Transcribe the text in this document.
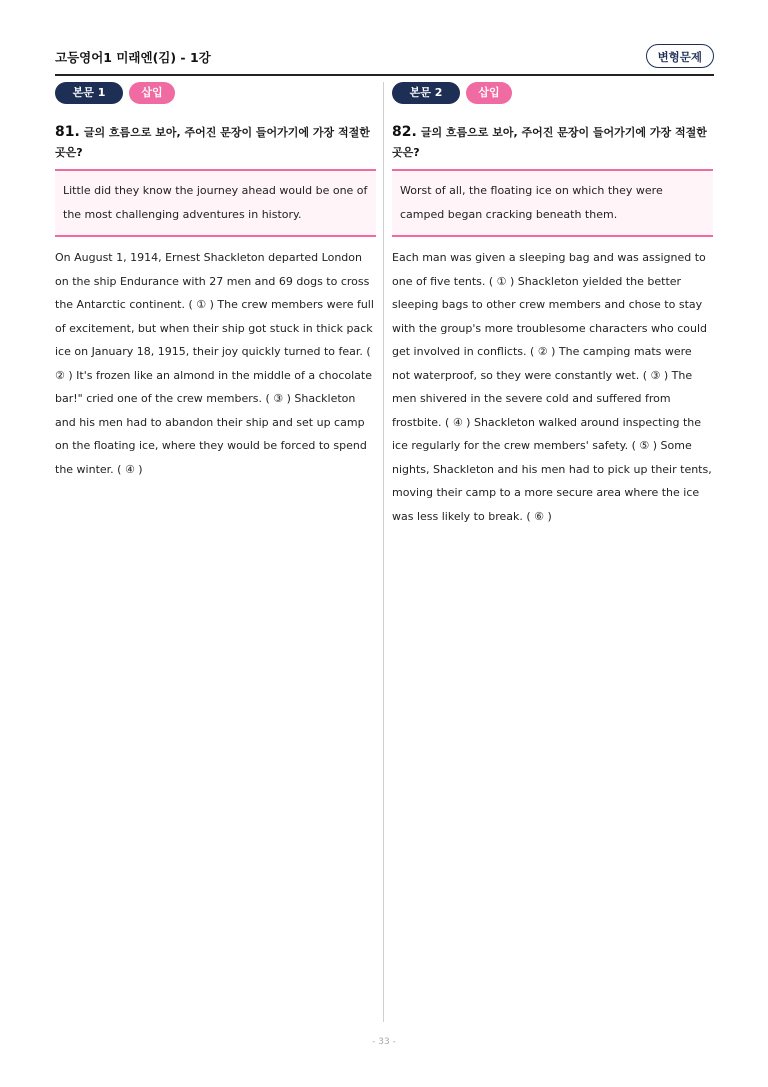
고등영어1 미래엔(김) - 1강	변형문제
본문 1	삽입
81. 글의 흐름으로 보아, 주어진 문장이 들어가기에 가장 적절한 곳은?
Little did they know the journey ahead would be one of the most challenging adventures in history.
On August 1, 1914, Ernest Shackleton departed London on the ship Endurance with 27 men and 69 dogs to cross the Antarctic continent. ( ① ) The crew members were full of excitement, but when their ship got stuck in thick pack ice on January 18, 1915, their joy quickly turned to fear. ( ② ) It's frozen like an almond in the middle of a chocolate bar!" cried one of the crew members. ( ③ ) Shackleton and his men had to abandon their ship and set up camp on the floating ice, where they would be forced to spend the winter. ( ④ )
본문 2	삽입
82. 글의 흐름으로 보아, 주어진 문장이 들어가기에 가장 적절한 곳은?
Worst of all, the floating ice on which they were camped began cracking beneath them.
Each man was given a sleeping bag and was assigned to one of five tents. ( ① ) Shackleton yielded the better sleeping bags to other crew members and chose to stay with the group's more troublesome characters who could get involved in conflicts. ( ② ) The camping mats were not waterproof, so they were constantly wet. ( ③ ) The men shivered in the severe cold and suffered from frostbite. ( ④ ) Shackleton walked around inspecting the ice regularly for the crew members' safety. ( ⑤ ) Some nights, Shackleton and his men had to pick up their tents, moving their camp to a more secure area where the ice was less likely to break. ( ⑥ )
- 33 -
